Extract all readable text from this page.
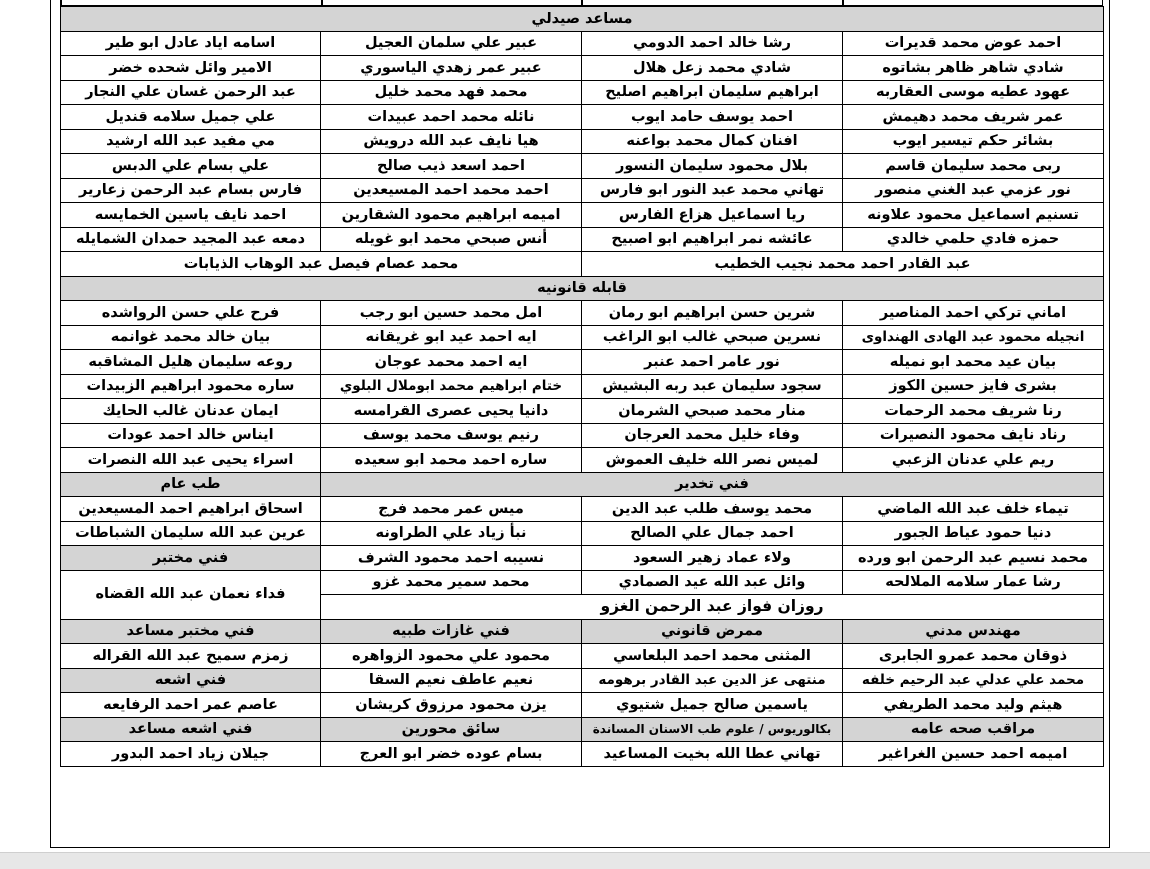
مساعد صيدلي			
احمد عوض محمد قديرات	رشا خالد احمد الدومي	عبير علي سلمان العجيل	اسامه اياد عادل ابو طير
شادي شاهر ظاهر بشاتوه	شادي محمد زعل هلال	عبير عمر زهدي الياسوري	الامير وائل شحده خضر
عهود عطيه موسى العقاربه	ابراهيم سليمان ابراهيم اصليح	محمد فهد محمد خليل	عبد الرحمن غسان علي النجار
عمر شريف محمد دهيمش	احمد يوسف حامد ايوب	نائله محمد احمد عبيدات	علي جميل سلامه قنديل
بشائر حكم تيسير ايوب	افنان كمال محمد بواعنه	هيا نايف عبد الله درويش	مي مفيد عبد الله ارشيد
ربى محمد سليمان قاسم	بلال محمود سليمان النسور	احمد اسعد ذيب صالح	علي بسام علي الدبس
نور عزمي عبد الغني منصور	تهاني محمد عبد النور ابو فارس	احمد محمد احمد المسيعدين	فارس بسام عبد الرحمن زعارير
تسنيم اسماعيل محمود علاونه	ريا اسماعيل هزاع الفارس	اميمه ابراهيم محمود الشقارين	احمد نايف ياسين الخمايسه
حمزه فادي حلمي خالدي	عائشه نمر ابراهيم ابو اصبيح	أنس صبحي محمد ابو غويله	دمعه عبد المجيد حمدان الشمايله
عبد القادر احمد محمد نجيب الخطيب		محمد عصام فيصل عبد الوهاب الذيابات	
قابله قانونيه			
اماني تركي احمد المناصير	شرين حسن ابراهيم ابو رمان	امل محمد حسين ابو رجب	فرح علي حسن الرواشده
انجيله محمود عبد الهادى الهنداوى	نسرين صبحي غالب ابو الراغب	ايه احمد عيد ابو غريقانه	بيان خالد محمد غوانمه
بيان عيد محمد ابو نميله	نور عامر احمد عنبر	ايه احمد محمد عوجان	روعه سليمان هليل المشاقبه
بشرى فايز حسين الكوز	سجود سليمان عبد ربه البشيش	ختام ابراهيم محمد ابوملال البلوي	ساره محمود ابراهيم الزبيدات
رنا شريف محمد الرحمات	منار محمد صبحي الشرمان	دانيا يحيى عصرى القرامسه	ايمان عدنان غالب الحايك
رناد نايف محمود النصيرات	وفاء خليل محمد العرجان	رنيم يوسف محمد يوسف	ايناس خالد احمد عودات
ريم علي عدنان الزعبي	لميس نصر الله خليف العموش	ساره احمد محمد ابو سعيده	اسراء يحيى عبد الله النصرات
فني تخدير			طب عام
تيماء خلف عبد الله الماضي	محمد يوسف طلب عبد الدين	ميس عمر محمد فرج	اسحاق ابراهيم احمد المسيعدين
دنيا حمود عياط الجبور	احمد جمال علي الصالح	نبأ زياد علي الطراونه	عرين عبد الله سليمان الشباطات
محمد نسيم عبد الرحمن ابو ورده	ولاء عماد زهير السعود	نسيبه احمد محمود الشرف	فني مختبر
رشا عمار سلامه الملالحه	وائل عبد الله عيد الصمادي	محمد سمير محمد غزو	فداء نعمان عبد الله القضاه
روزان فواز عبد الرحمن الغزو			
مهندس مدني	ممرض قانوني	فني غازات طبيه	فني مختبر مساعد
ذوقان محمد عمرو الجابرى	المثنى محمد احمد البلعاسي	محمود علي محمود الزواهره	زمزم سميح عبد الله القراله
محمد علي عدلي عبد الرحيم خلفه	منتهى عز الدين عبد القادر برهومه	نعيم عاطف نعيم السقا	فني اشعه
هيثم وليد محمد الطريفي	ياسمين صالح جميل شتيوي	يزن محمود مرزوق كريشان	عاصم عمر احمد الرفايعه
مراقب صحه عامه	بكالوريوس / علوم طب الاسنان المساندة	سائق محورين	فني اشعه مساعد
اميمه احمد حسين الغراغير	تهاني عطا الله بخيت المساعيد	بسام عوده خضر ابو العرج	جيلان زياد احمد البدور
